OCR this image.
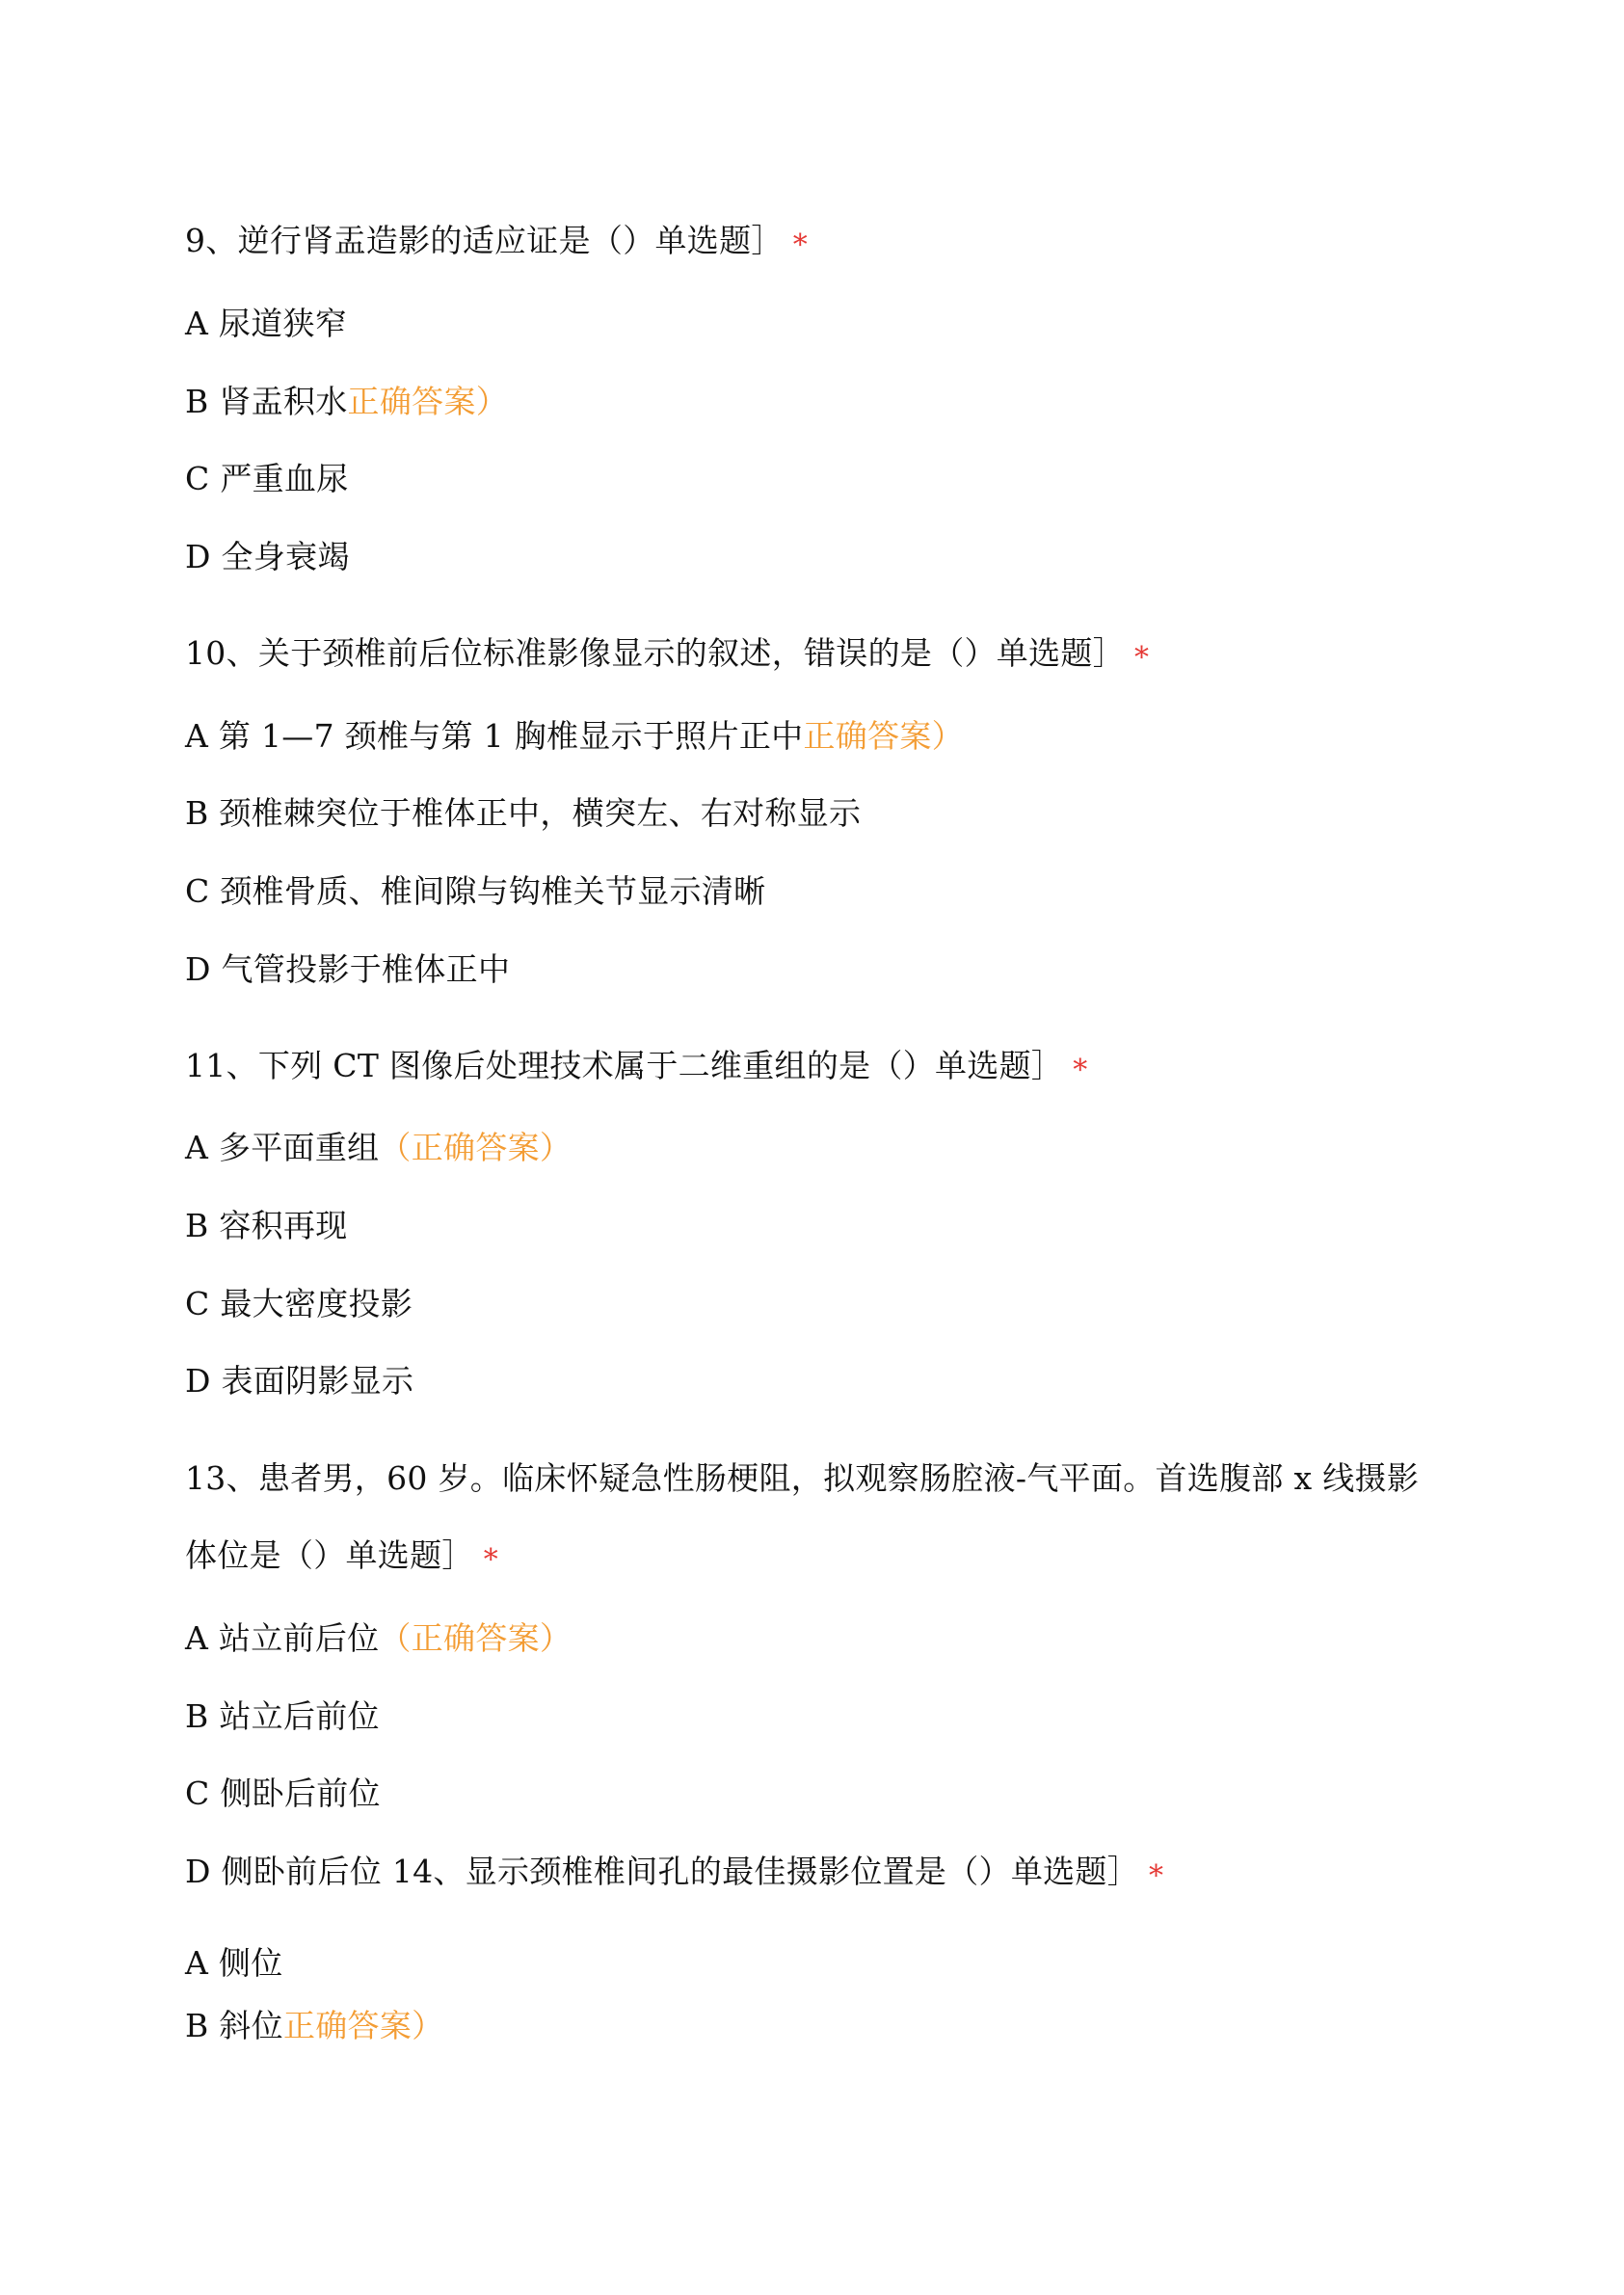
9、逆行肾盂造影的适应证是（）单选题］ *

A 尿道狭窄

B 肾盂积水正确答案）

C 严重血尿

D 全身衰竭

10、关于颈椎前后位标准影像显示的叙述，错误的是（）单选题］ *

A 第 1—7 颈椎与第 1 胸椎显示于照片正中正确答案）

B 颈椎棘突位于椎体正中，横突左、右对称显示

C 颈椎骨质、椎间隙与钩椎关节显示清晰

D 气管投影于椎体正中

11、下列 CT 图像后处理技术属于二维重组的是（）单选题］ *

A 多平面重组（正确答案）

B 容积再现

C 最大密度投影

D 表面阴影显示

13、患者男，60 岁。临床怀疑急性肠梗阻，拟观察肠腔液-气平面。首选腹部 x 线摄影

体位是（）单选题］ *

A 站立前后位（正确答案）

B 站立后前位

C 侧卧后前位

D 侧卧前后位 14、显示颈椎椎间孔的最佳摄影位置是（）单选题］ *

A 侧位

B 斜位正确答案）
